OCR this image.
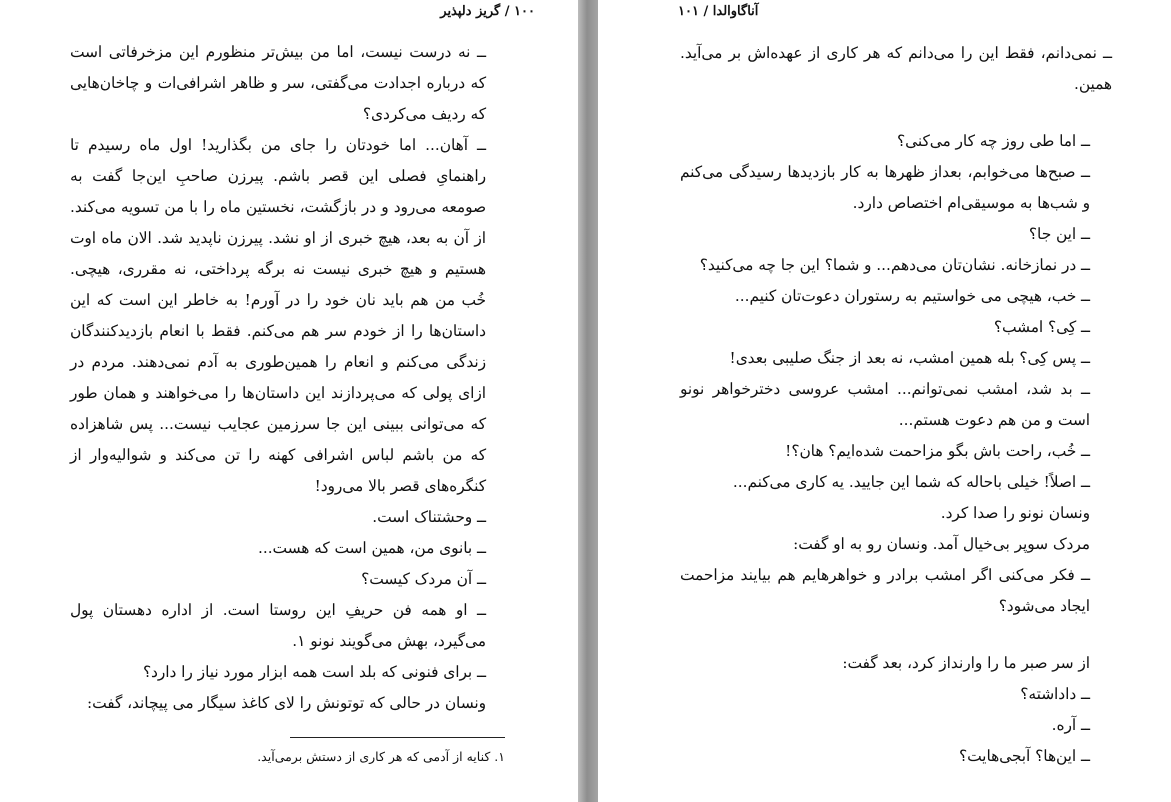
۱۰۰ / گریز دلپذیر

ــ نه درست نیست، اما من بیش‌تر منظورم این مزخرفاتی است که درباره اجدادت می‌گفتی، سر و ظاهر اشرافی‌ات و چاخان‌هایی که ردیف می‌کردی؟

ــ آهان... اما خودتان را جای من بگذارید! اول ماه رسیدم تا راهنمایِ فصلی این قصر باشم. پیرزن صاحبِ این‌جا گفت به صومعه می‌رود و در بازگشت، نخستین ماه را با من تسویه می‌کند. از آن به بعد، هیچ خبری از او نشد. پیرزن ناپدید شد. الان ماه اوت هستیم و هیچ خبری نیست نه برگه پرداختی، نه مقرری، هیچی. خُب من هم باید نان خود را در آورم! به خاطر این است که این داستان‌ها را از خودم سر هم می‌کنم. فقط با انعام بازدیدکنندگان زندگی می‌کنم و انعام را همین‌طوری به آدم نمی‌دهند. مردم در ازای پولی که می‌پردازند این داستان‌ها را می‌خواهند و همان طور که می‌توانی ببینی این جا سرزمین عجایب نیست... پس شاهزاده که من باشم لباس اشرافی کهنه را تن می‌کند و شوالیه‌وار از کنگره‌های قصر بالا می‌رود!

ــ وحشتناک است.

ــ بانوی من، همین است که هست...

ــ آن مردک کیست؟

ــ او همه فن حریفِ این روستا است. از اداره دهستان پول می‌گیرد، بهش می‌گویند نونو ۱.

ــ برای فنونی که بلد است همه ابزار مورد نیاز را دارد؟

ونسان در حالی که توتونش را لای کاغذ سیگار می پیچاند، گفت:

۱. کنایه از آدمی که هر کاری از دستش برمی‌آید.
آناگاوالدا / ۱۰۱

ــ نمی‌دانم، فقط این را می‌دانم که هر کاری از عهده‌اش بر می‌آید. همین.

ــ اما طی روز چه کار می‌کنی؟

ــ صبح‌ها می‌خوابم، بعداز ظهرها به کار بازدیدها رسیدگی می‌کنم و شب‌ها به موسیقی‌ام اختصاص دارد.

ــ این جا؟

ــ در نمازخانه. نشان‌تان می‌دهم... و شما؟ این جا چه می‌کنید؟

ــ خب، هیچی می خواستیم به رستوران دعوت‌تان کنیم...

ــ کِی؟ امشب؟

ــ پس کِی؟ بله همین امشب، نه بعد از جنگ صلیبی بعدی!

ــ بد شد، امشب نمی‌توانم... امشب عروسی دخترخواهر نونو است و من هم دعوت هستم...

ــ خُب، راحت باش بگو مزاحمت شده‌ایم؟ هان؟!

ــ اصلاً! خیلی باحاله که شما این جایید. یه کاری می‌کنم...

ونسان نونو را صدا کرد.

مردک سوپر بی‌خیال آمد. ونسان رو به او گفت:

ــ فکر می‌کنی اگر امشب برادر و خواهرهایم هم بیایند مزاحمت ایجاد می‌شود؟

از سر صبر ما را وارنداز کرد، بعد گفت:

ــ داداشته؟

ــ آره.

ــ این‌ها؟ آبجی‌هایت؟
